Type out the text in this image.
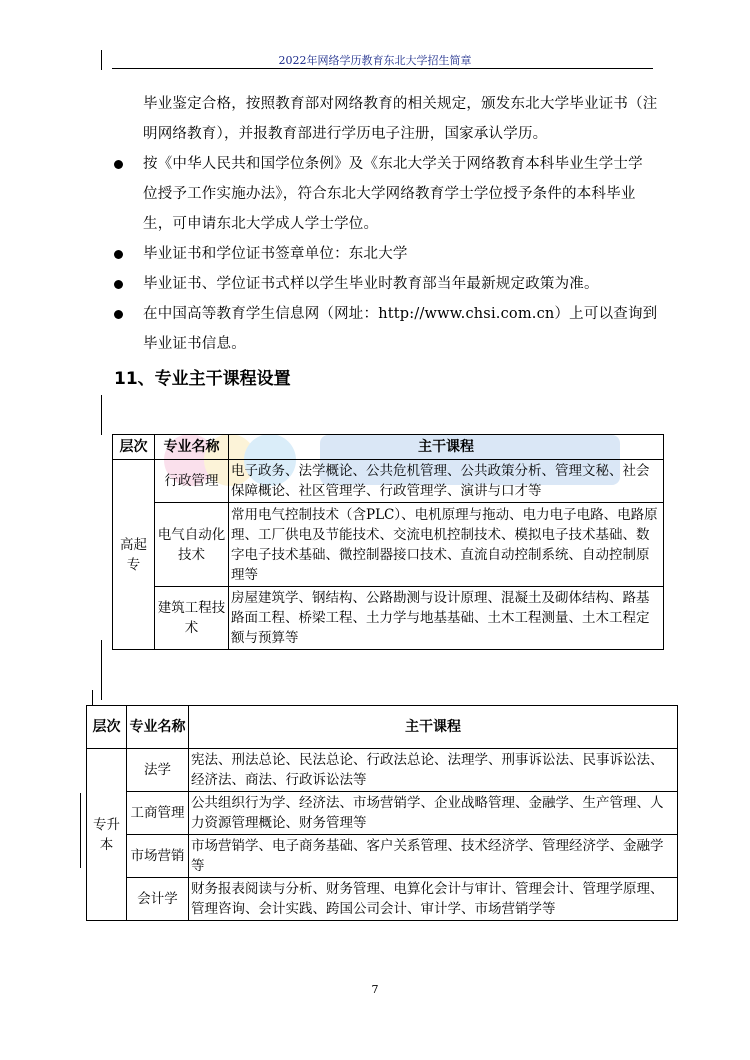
2022年网络学历教育东北大学招生简章
毕业鉴定合格，按照教育部对网络教育的相关规定，颁发东北大学毕业证书（注
明网络教育），并报教育部进行学历电子注册，国家承认学历。
按《中华人民共和国学位条例》及《东北大学关于网络教育本科毕业生学士学
位授予工作实施办法》，符合东北大学网络教育学士学位授予条件的本科毕业
生，可申请东北大学成人学士学位。
毕业证书和学位证书签章单位：东北大学
毕业证书、学位证书式样以学生毕业时教育部当年最新规定政策为准。
在中国高等教育学生信息网（网址：http://www.chsi.com.cn）上可以查询到
毕业证书信息。
11、专业主干课程设置
层次	专业名称	主干课程
高起专	行政管理	电子政务、法学概论、公共危机管理、公共政策分析、管理文秘、社会保障概论、社区管理学、行政管理学、演讲与口才等
	电气自动化技术	常用电气控制技术（含PLC）、电机原理与拖动、电力电子电路、电路原理、工厂供电及节能技术、交流电机控制技术、模拟电子技术基础、数字电子技术基础、微控制器接口技术、直流自动控制系统、自动控制原理等
	建筑工程技术	房屋建筑学、钢结构、公路勘测与设计原理、混凝土及砌体结构、路基路面工程、桥梁工程、土力学与地基基础、土木工程测量、土木工程定额与预算等
层次	专业名称	主干课程
专升本	法学	宪法、刑法总论、民法总论、行政法总论、法理学、刑事诉讼法、民事诉讼法、经济法、商法、行政诉讼法等
	工商管理	公共组织行为学、经济法、市场营销学、企业战略管理、金融学、生产管理、人力资源管理概论、财务管理等
	市场营销	市场营销学、电子商务基础、客户关系管理、技术经济学、管理经济学、金融学等
	会计学	财务报表阅读与分析、财务管理、电算化会计与审计、管理会计、管理学原理、管理咨询、会计实践、跨国公司会计、审计学、市场营销学等
7
